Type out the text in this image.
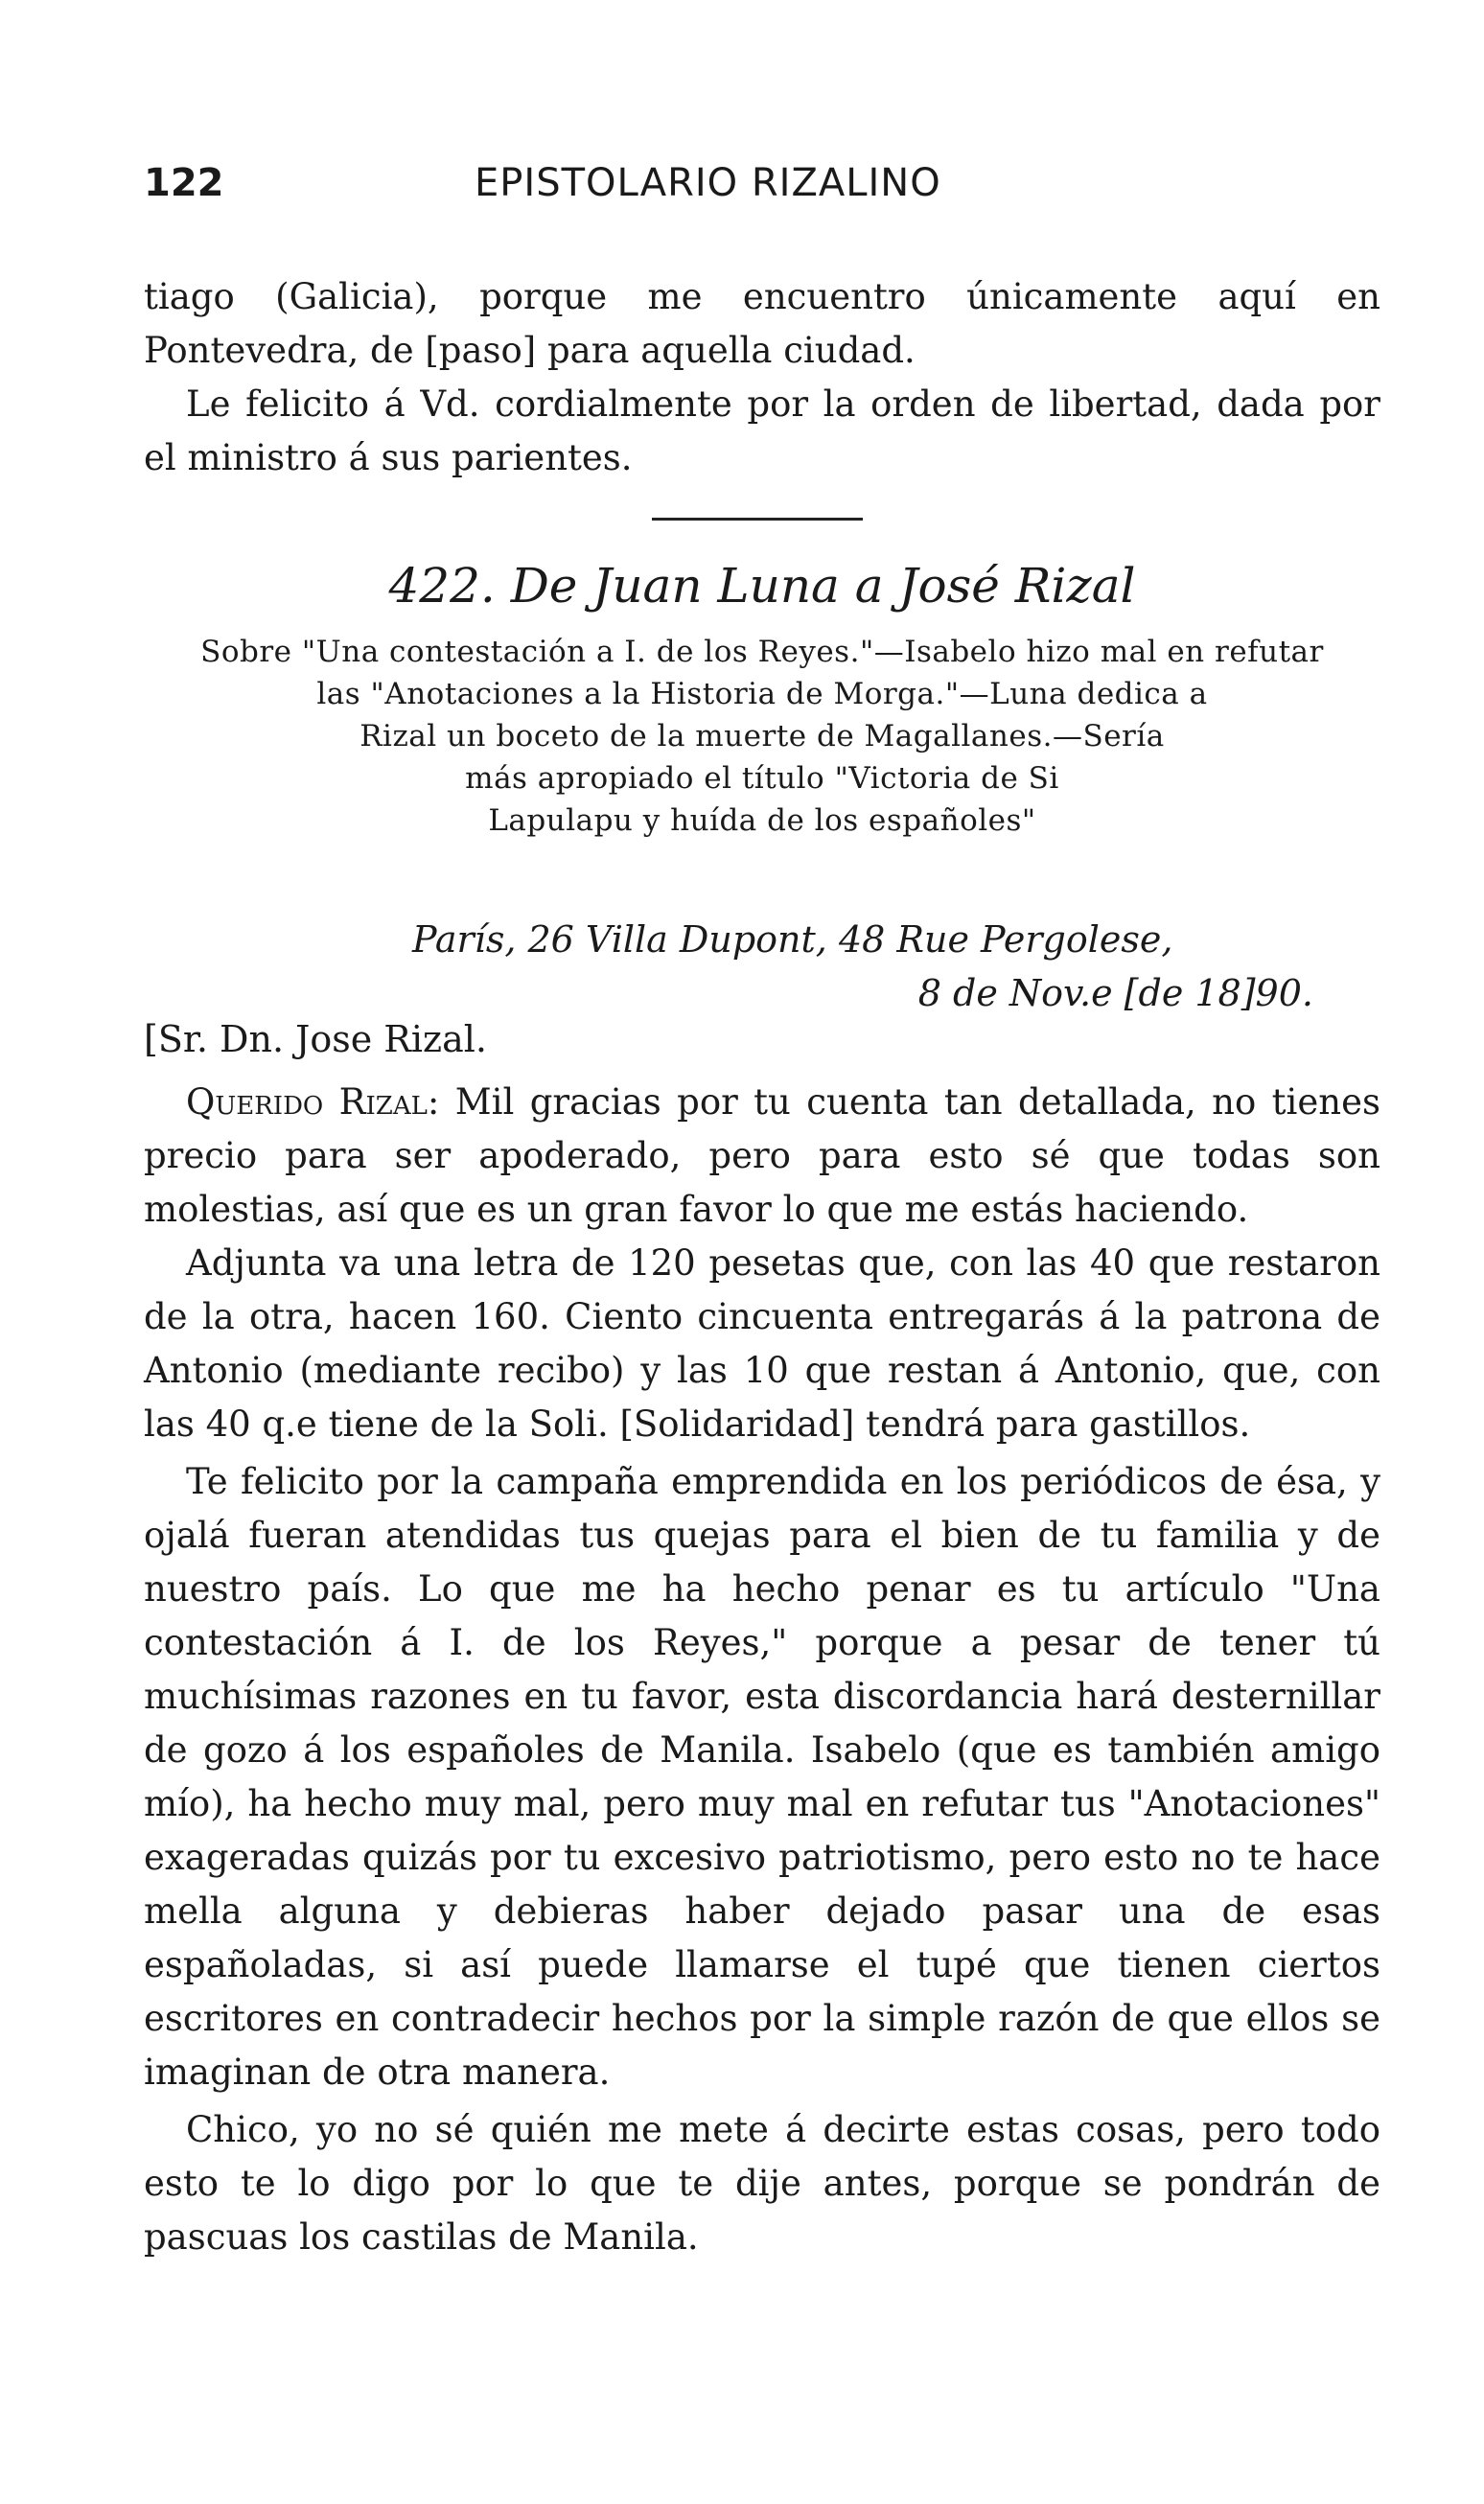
122	EPISTOLARIO RIZALINO

tiago (Galicia), porque me encuentro únicamente aquí en Pontevedra, de [paso] para aquella ciudad.

Le felicito á Vd. cordialmente por la orden de libertad, dada por el ministro á sus parientes.

422. De Juan Luna a José Rizal
Sobre "Una contestación a I. de los Reyes."—Isabelo hizo mal en refutar
las "Anotaciones a la Historia de Morga."—Luna dedica a
Rizal un boceto de la muerte de Magallanes.—Sería
más apropiado el título "Victoria de Si
Lapulapu y huída de los españoles"
París, 26 Villa Dupont, 48 Rue Pergolese,
8 de Nov.e [de 18]90.
[Sr. Dn. Jose Rizal.

Querido Rizal: Mil gracias por tu cuenta tan detallada, no tienes precio para ser apoderado, pero para esto sé que todas son molestias, así que es un gran favor lo que me estás haciendo.

Adjunta va una letra de 120 pesetas que, con las 40 que restaron de la otra, hacen 160. Ciento cincuenta entregarás á la patrona de Antonio (mediante recibo) y las 10 que restan á Antonio, que, con las 40 q.e tiene de la Soli. [Solidaridad] tendrá para gastillos.

Te felicito por la campaña emprendida en los periódicos de ésa, y ojalá fueran atendidas tus quejas para el bien de tu familia y de nuestro país. Lo que me ha hecho penar es tu artículo "Una contestación á I. de los Reyes," porque a pesar de tener tú muchísimas razones en tu favor, esta discordancia hará desternillar de gozo á los españoles de Manila. Isabelo (que es también amigo mío), ha hecho muy mal, pero muy mal en refutar tus "Anotaciones" exageradas quizás por tu excesivo patriotismo, pero esto no te hace mella alguna y debieras haber dejado pasar una de esas españoladas, si así puede llamarse el tupé que tienen ciertos escritores en contradecir hechos por la simple razón de que ellos se imaginan de otra manera.

Chico, yo no sé quién me mete á decirte estas cosas, pero todo esto te lo digo por lo que te dije antes, porque se pondrán de pascuas los castilas de Manila.
